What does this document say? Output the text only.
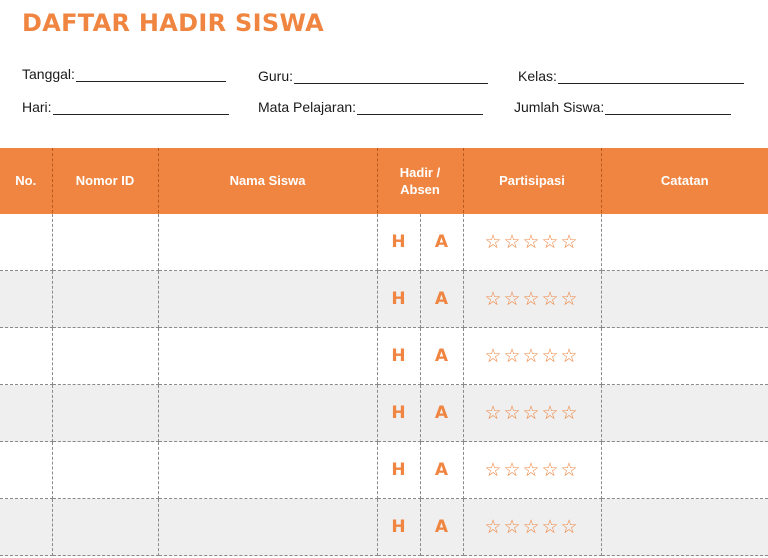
DAFTAR HADIR SISWA
Tanggal:	Guru:	Kelas:
Hari:	Mata Pelajaran:	Jumlah Siswa:
No.	Nomor ID	Nama Siswa	Hadir / Absen		Partisipasi	Catatan
			H	A	☆ ☆ ☆ ☆ ☆	
			H	A	☆ ☆ ☆ ☆ ☆	
			H	A	☆ ☆ ☆ ☆ ☆	
			H	A	☆ ☆ ☆ ☆ ☆	
			H	A	☆ ☆ ☆ ☆ ☆	
			H	A	☆ ☆ ☆ ☆ ☆	
